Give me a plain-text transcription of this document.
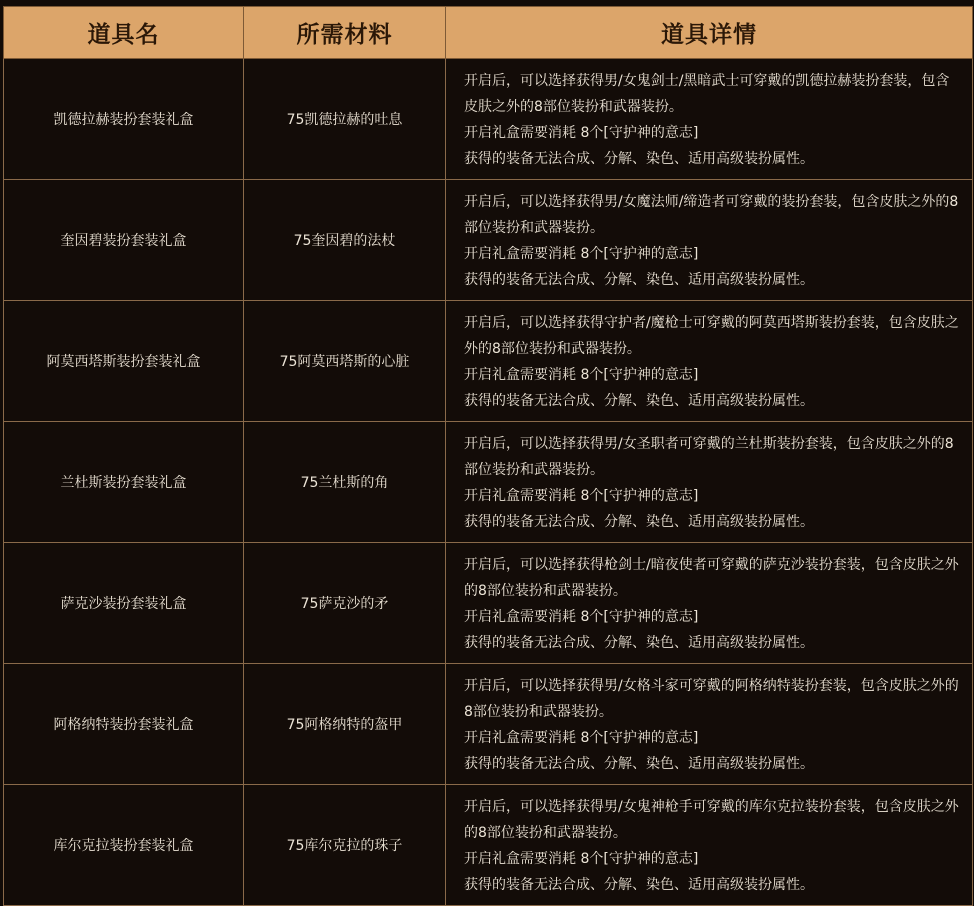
道具名	所需材料	道具详情
凯德拉赫装扮套装礼盒	75凯德拉赫的吐息	开启后，可以选择获得男/女鬼剑士/黑暗武士可穿戴的凯德拉赫装扮套装，包含皮肤之外的8部位装扮和武器装扮。
开启礼盒需要消耗 8个[守护神的意志]
获得的装备无法合成、分解、染色、适用高级装扮属性。

奎因碧装扮套装礼盒	75奎因碧的法杖	开启后，可以选择获得男/女魔法师/缔造者可穿戴的装扮套装，包含皮肤之外的8部位装扮和武器装扮。
开启礼盒需要消耗 8个[守护神的意志]
获得的装备无法合成、分解、染色、适用高级装扮属性。

阿莫西塔斯装扮套装礼盒	75阿莫西塔斯的心脏	开启后，可以选择获得守护者/魔枪士可穿戴的阿莫西塔斯装扮套装，包含皮肤之外的8部位装扮和武器装扮。
开启礼盒需要消耗 8个[守护神的意志]
获得的装备无法合成、分解、染色、适用高级装扮属性。

兰杜斯装扮套装礼盒	75兰杜斯的角	开启后，可以选择获得男/女圣职者可穿戴的兰杜斯装扮套装，包含皮肤之外的8部位装扮和武器装扮。
开启礼盒需要消耗 8个[守护神的意志]
获得的装备无法合成、分解、染色、适用高级装扮属性。

萨克沙装扮套装礼盒	75萨克沙的矛	开启后，可以选择获得枪剑士/暗夜使者可穿戴的萨克沙装扮套装，包含皮肤之外的8部位装扮和武器装扮。
开启礼盒需要消耗 8个[守护神的意志]
获得的装备无法合成、分解、染色、适用高级装扮属性。

阿格纳特装扮套装礼盒	75阿格纳特的盔甲	开启后，可以选择获得男/女格斗家可穿戴的阿格纳特装扮套装，包含皮肤之外的8部位装扮和武器装扮。
开启礼盒需要消耗 8个[守护神的意志]
获得的装备无法合成、分解、染色、适用高级装扮属性。

库尔克拉装扮套装礼盒	75库尔克拉的珠子	开启后，可以选择获得男/女鬼神枪手可穿戴的库尔克拉装扮套装，包含皮肤之外的8部位装扮和武器装扮。
开启礼盒需要消耗 8个[守护神的意志]
获得的装备无法合成、分解、染色、适用高级装扮属性。
